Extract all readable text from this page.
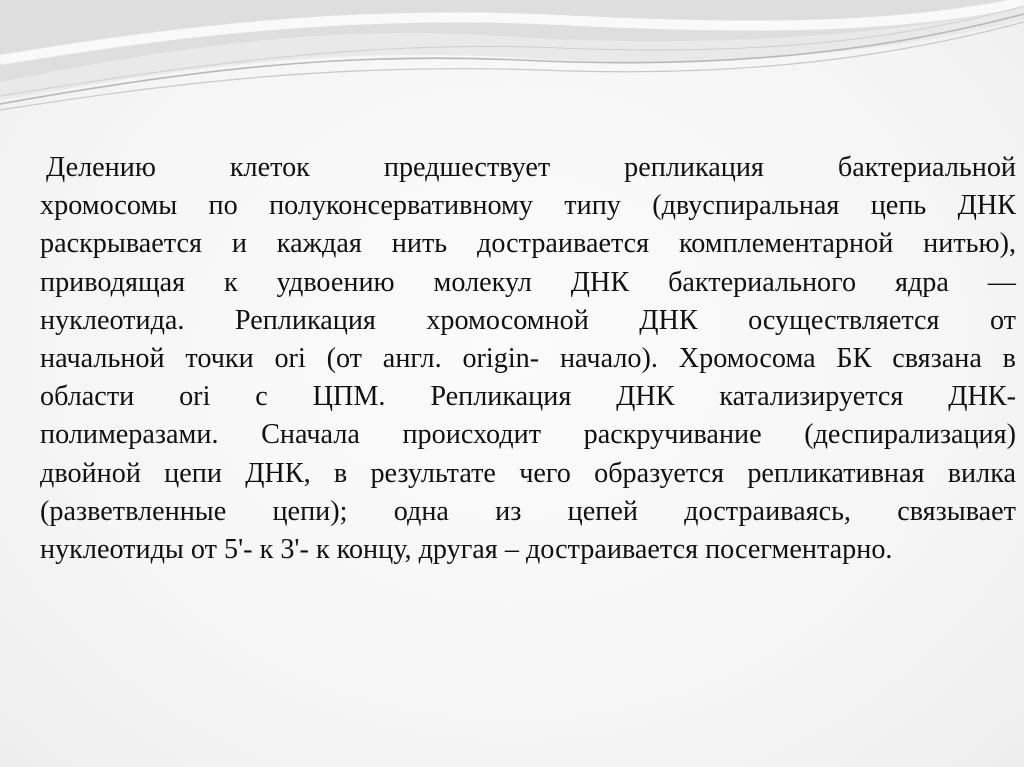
Делению клеток предшествует репликация бактериальной
хромосомы по полуконсервативному типу (двуспиральная цепь ДНК
раскрывается и каждая нить достраивается комплементарной нитью),
приводящая к удвоению молекул ДНК бактериального ядра —
нуклеотида. Репликация хромосомной ДНК осуществляется от
начальной точки ori (от англ. origin- начало). Хромосома БК связана в
области ori с ЦПМ. Репликация ДНК катализируется ДНК-
полимеразами. Сначала происходит раскручивание (деспирализация)
двойной цепи ДНК, в результате чего образуется репликативная вилка
(разветвленные цепи); одна из цепей достраиваясь, связывает
нуклеотиды от 5'- к 3'- к концу, другая – достраивается посегментарно.
